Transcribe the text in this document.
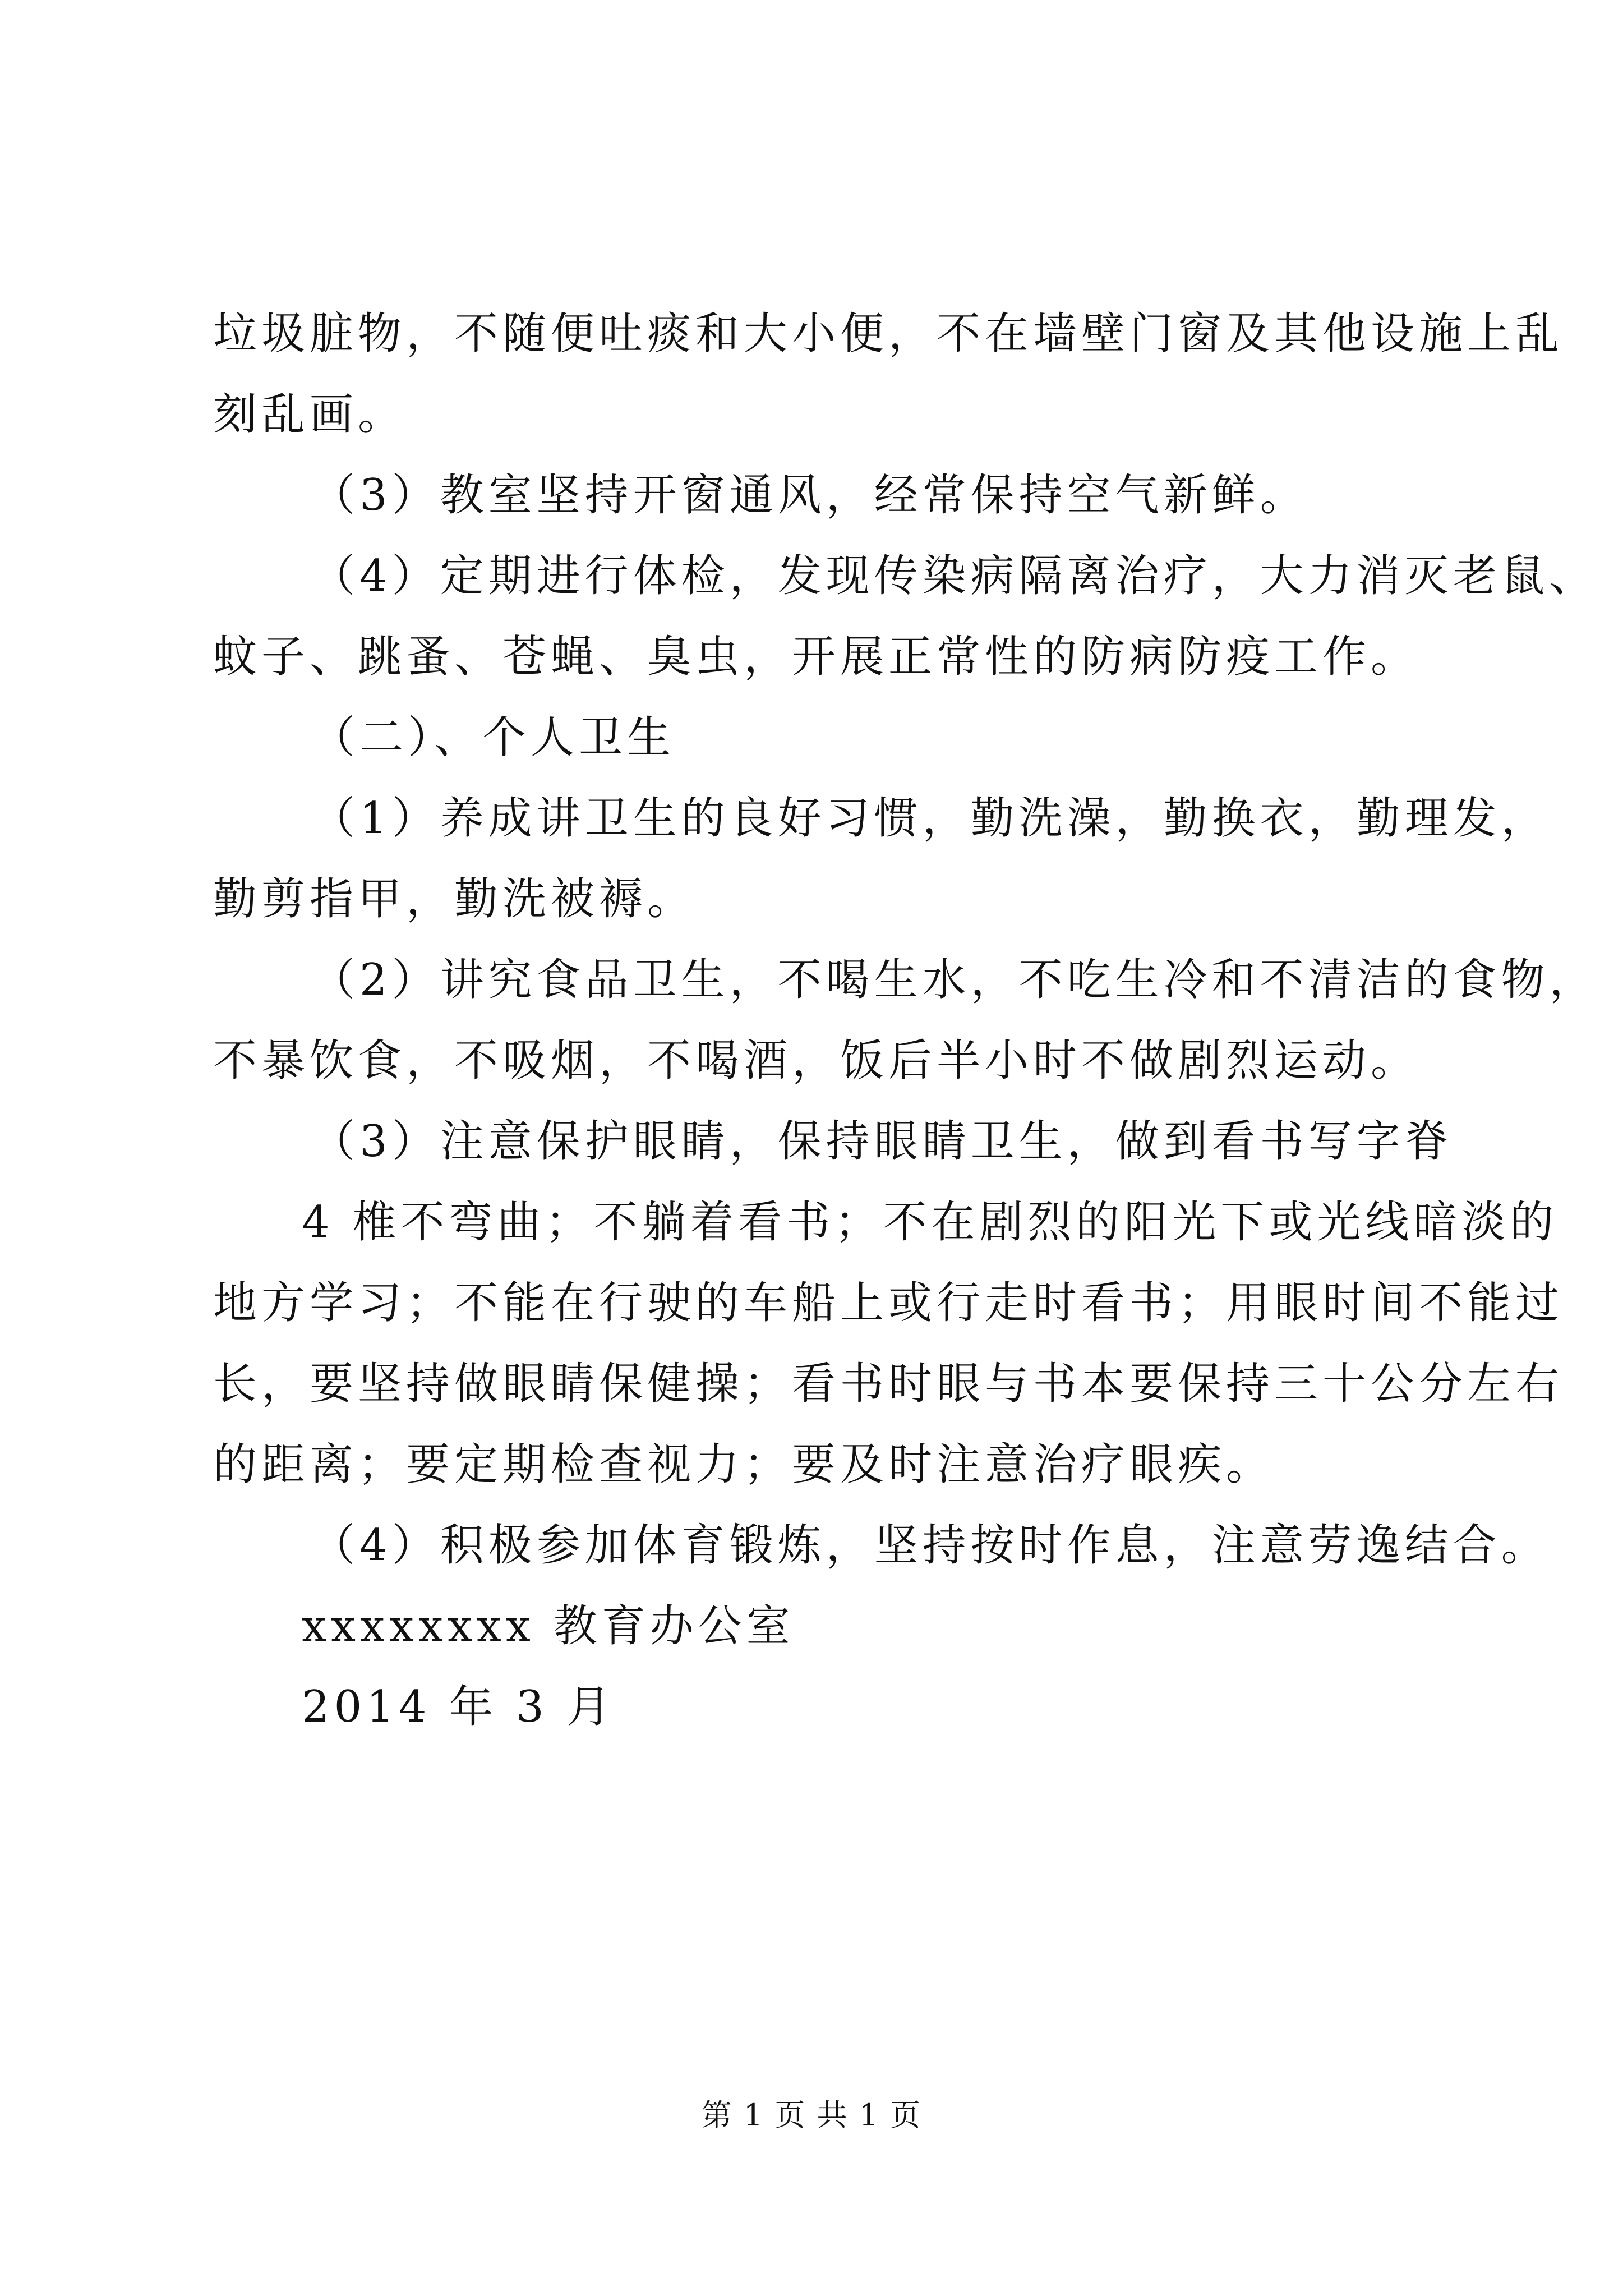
垃圾脏物，不随便吐痰和大小便，不在墙壁门窗及其他设施上乱
刻乱画。
（3）教室坚持开窗通风，经常保持空气新鲜。
（4）定期进行体检，发现传染病隔离治疗，大力消灭老鼠、
蚊子、跳蚤、苍蝇、臭虫，开展正常性的防病防疫工作。
（二）、个人卫生
（1）养成讲卫生的良好习惯，勤洗澡，勤换衣，勤理发，
勤剪指甲，勤洗被褥。
（2）讲究食品卫生，不喝生水，不吃生冷和不清洁的食物，
不暴饮食，不吸烟，不喝酒，饭后半小时不做剧烈运动。
（3）注意保护眼睛，保持眼睛卫生，做到看书写字脊
4 椎不弯曲；不躺着看书；不在剧烈的阳光下或光线暗淡的
地方学习；不能在行驶的车船上或行走时看书；用眼时间不能过
长，要坚持做眼睛保健操；看书时眼与书本要保持三十公分左右
的距离；要定期检查视力；要及时注意治疗眼疾。
（4）积极参加体育锻炼，坚持按时作息，注意劳逸结合。
xxxxxxxx 教育办公室
2014 年 3 月
第 1 页 共 1 页
